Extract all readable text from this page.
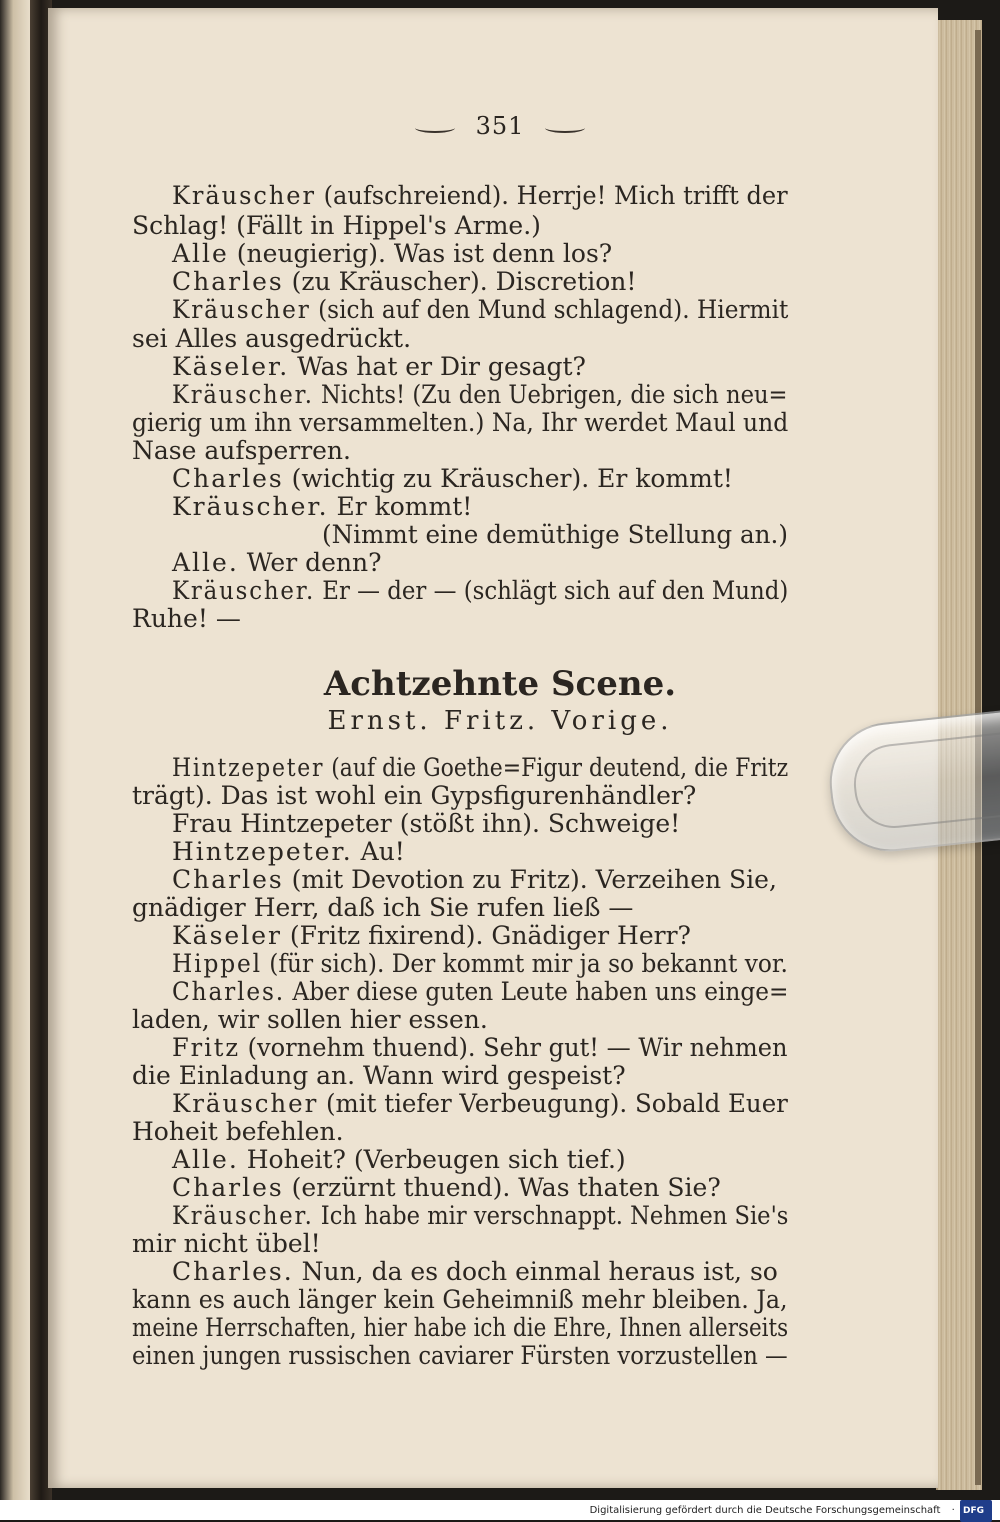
351
Kräuscher (aufschreiend). Herrje! Mich trifft der
Schlag! (Fällt in Hippel's Arme.)
Alle (neugierig). Was ist denn los?
Charles (zu Kräuscher). Discretion!
Kräuscher (sich auf den Mund schlagend). Hiermit
sei Alles ausgedrückt.
Käseler. Was hat er Dir gesagt?
Kräuscher. Nichts! (Zu den Uebrigen, die sich neu=
gierig um ihn versammelten.) Na, Ihr werdet Maul und
Nase aufsperren.
Charles (wichtig zu Kräuscher). Er kommt!
Kräuscher. Er kommt!
(Nimmt eine demüthige Stellung an.)
Alle. Wer denn?
Kräuscher. Er — der — (schlägt sich auf den Mund)
Ruhe! —
Hintzepeter (auf die Goethe=Figur deutend, die Fritz
trägt). Das ist wohl ein Gypsfigurenhändler?
Frau Hintzepeter (stößt ihn). Schweige!
Hintzepeter. Au!
Charles (mit Devotion zu Fritz). Verzeihen Sie,
gnädiger Herr, daß ich Sie rufen ließ —
Käseler (Fritz fixirend). Gnädiger Herr?
Hippel (für sich). Der kommt mir ja so bekannt vor.
Charles. Aber diese guten Leute haben uns einge=
laden, wir sollen hier essen.
Fritz (vornehm thuend). Sehr gut! — Wir nehmen
die Einladung an. Wann wird gespeist?
Kräuscher (mit tiefer Verbeugung). Sobald Euer
Hoheit befehlen.
Alle. Hoheit? (Verbeugen sich tief.)
Charles (erzürnt thuend). Was thaten Sie?
Kräuscher. Ich habe mir verschnappt. Nehmen Sie's
mir nicht übel!
Charles. Nun, da es doch einmal heraus ist, so
kann es auch länger kein Geheimniß mehr bleiben. Ja,
meine Herrschaften, hier habe ich die Ehre, Ihnen allerseits
einen jungen russischen caviarer Fürsten vorzustellen —
Achtzehnte Scene.
Ernst. Fritz. Vorige.
Digitalisierung gefördert durch die Deutsche Forschungsgemeinschaft · DFG
